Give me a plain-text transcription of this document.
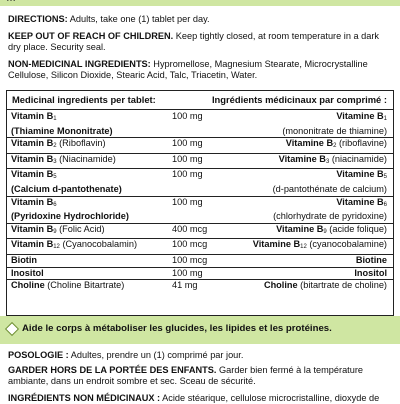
DIRECTIONS: Adults, take one (1) tablet per day.
KEEP OUT OF REACH OF CHILDREN. Keep tightly closed, at room temperature in a dark dry place. Security seal.
NON-MEDICINAL INGREDIENTS: Hypromellose, Magnesium Stearate, Microcrystalline Cellulose, Silicon Dioxide, Stearic Acid, Talc, Triacetin, Water.
Medicinal ingredients per tablet:	Ingrédients médicinaux par comprimé :
Vitamin $B_1$	100 mg	Vitamine $B_1$
(Thiamine Mononitrate)	(mononitrate de thiamine)
Vitamin $B_2$ (Riboflavin)	100 mg	Vitamine $B_2$ (riboflavine)
Vitamin $B_3$ (Niacinamide)	100 mg	Vitamine $B_3$ (niacinamide)
Vitamin $B_5$	100 mg	Vitamine $B_5$
(Calcium d-pantothenate)	(d-pantothénate de calcium)
Vitamin $B_6$	100 mg	Vitamine $B_6$
(Pyridoxine Hydrochloride)	(chlorhydrate de pyridoxine)
Vitamin $B_9$ (Folic Acid)	400 mcg	Vitamine $B_9$ (acide folique)
Vitamin $B_{12}$ (Cyanocobalamin)	100 mcg	Vitamine $B_{12}$ (cyanocobalamine)
Biotin	100 mcg	Biotine
Inositol	100 mg	Inositol
Choline (Choline Bitartrate)	41 mg	Choline (bitartrate de choline)
Aide le corps à métaboliser les glucides, les lipides et les protéines.
POSOLOGIE : Adultes, prendre un (1) comprimé par jour.
GARDER HORS DE LA PORTÉE DES ENFANTS. Garder bien fermé à la température ambiante, dans un endroit sombre et sec. Sceau de sécurité.
INGRÉDIENTS NON MÉDICINAUX : Acide stéarique, cellulose microcristalline, dioxyde de
